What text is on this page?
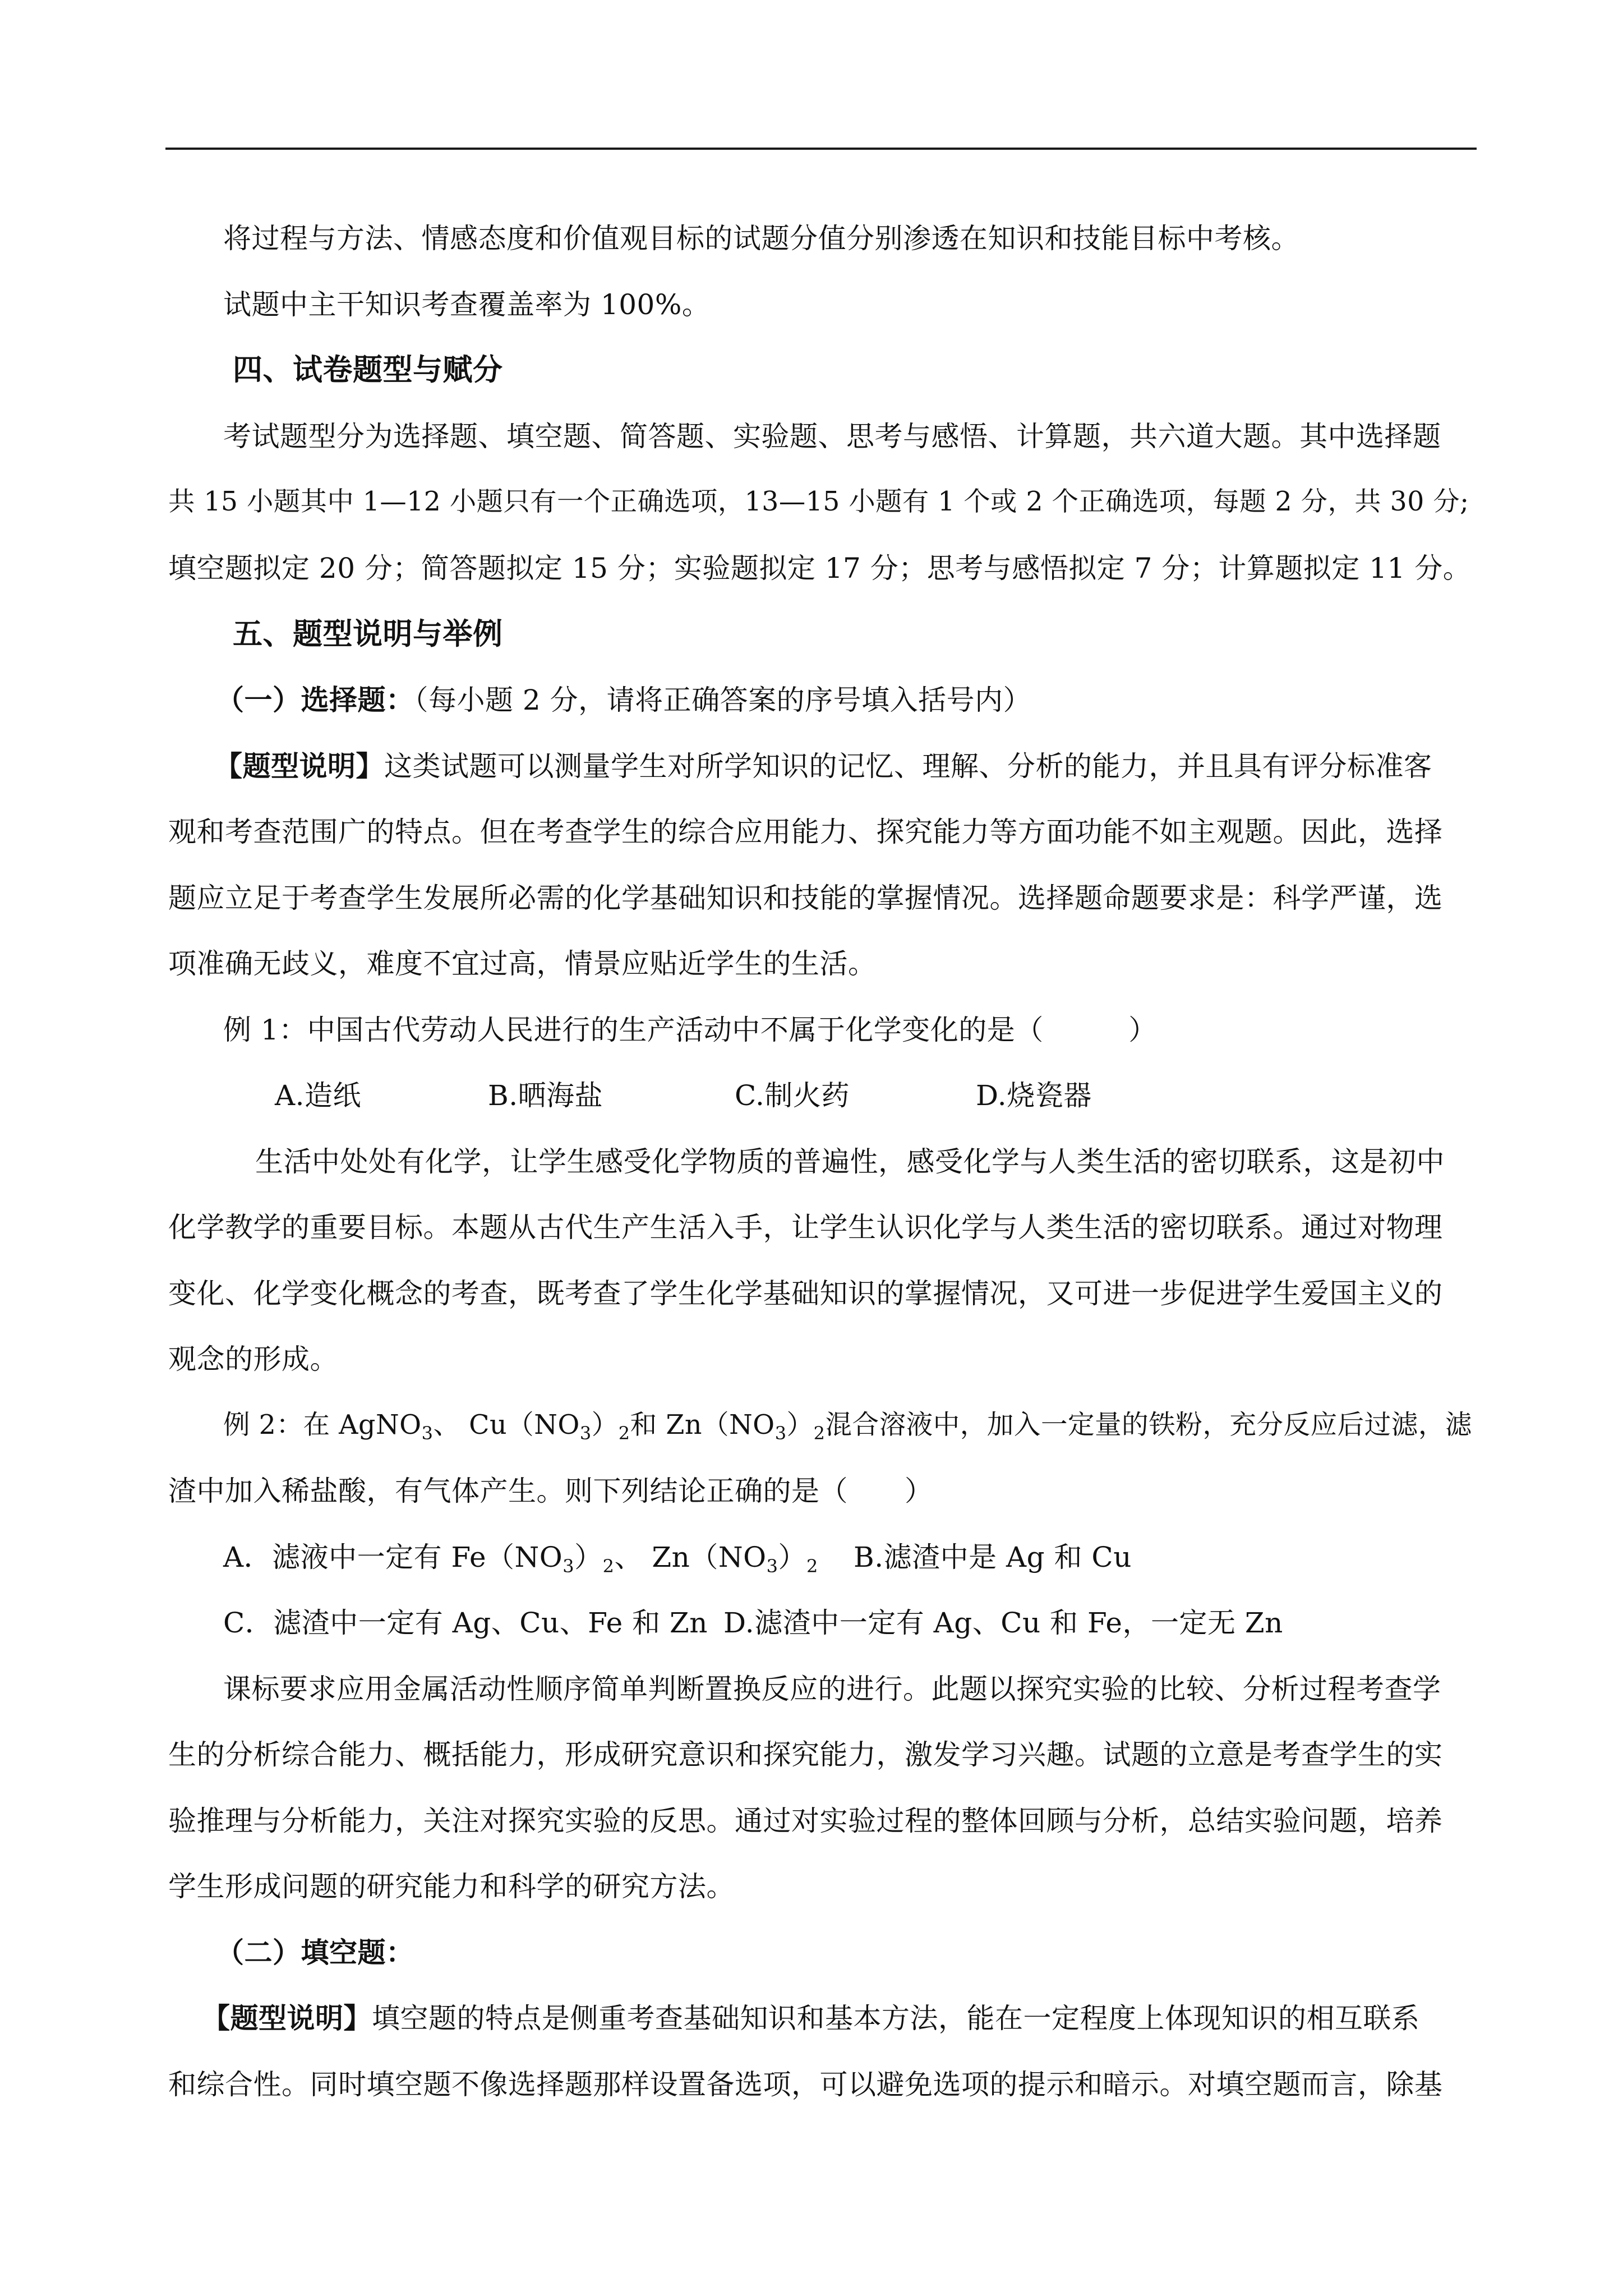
将过程与方法、情感态度和价值观目标的试题分值分别渗透在知识和技能目标中考核。
试题中主干知识考查覆盖率为 100%。
四、试卷题型与赋分
考试题型分为选择题、填空题、简答题、实验题、思考与感悟、计算题，共六道大题。其中选择题
共 15 小题其中 1—12 小题只有一个正确选项，13—15 小题有 1 个或 2 个正确选项，每题 2 分，共 30 分;
填空题拟定 20 分；简答题拟定 15 分；实验题拟定 17 分；思考与感悟拟定 7 分；计算题拟定 11 分。
五、题型说明与举例
（一）选择题：（每小题 2 分，请将正确答案的序号填入括号内）
【题型说明】这类试题可以测量学生对所学知识的记忆、理解、分析的能力，并且具有评分标准客
观和考查范围广的特点。但在考查学生的综合应用能力、探究能力等方面功能不如主观题。因此，选择
题应立足于考查学生发展所必需的化学基础知识和技能的掌握情况。选择题命题要求是：科学严谨，选
项准确无歧义，难度不宜过高，情景应贴近学生的生活。
例 1：中国古代劳动人民进行的生产活动中不属于化学变化的是（　　　）
A.造纸	B.晒海盐	C.制火药	D.烧瓷器
生活中处处有化学，让学生感受化学物质的普遍性，感受化学与人类生活的密切联系，这是初中
化学教学的重要目标。本题从古代生产生活入手，让学生认识化学与人类生活的密切联系。通过对物理
变化、化学变化概念的考查，既考查了学生化学基础知识的掌握情况，又可进一步促进学生爱国主义的
观念的形成。
例 2：在 AgNO$_3$、 $Cu(NO_3)_2$和 $Zn(NO_3)_2$混合溶液中，加入一定量的铁粉，充分反应后过滤，滤
渣中加入稀盐酸，有气体产生。则下列结论正确的是（　　）
A．滤液中一定有 $Fe(NO_3)_2$、 $Zn(NO_3)_2$ B.滤渣中是 Ag 和 Cu
C．滤渣中一定有 Ag、Cu、Fe 和 Zn D.滤渣中一定有 Ag、Cu 和 Fe，一定无 Zn
课标要求应用金属活动性顺序简单判断置换反应的进行。此题以探究实验的比较、分析过程考查学
生的分析综合能力、概括能力，形成研究意识和探究能力，激发学习兴趣。试题的立意是考查学生的实
验推理与分析能力，关注对探究实验的反思。通过对实验过程的整体回顾与分析，总结实验问题，培养
学生形成问题的研究能力和科学的研究方法。
（二）填空题：
【题型说明】填空题的特点是侧重考查基础知识和基本方法，能在一定程度上体现知识的相互联系
和综合性。同时填空题不像选择题那样设置备选项，可以避免选项的提示和暗示。对填空题而言，除基
